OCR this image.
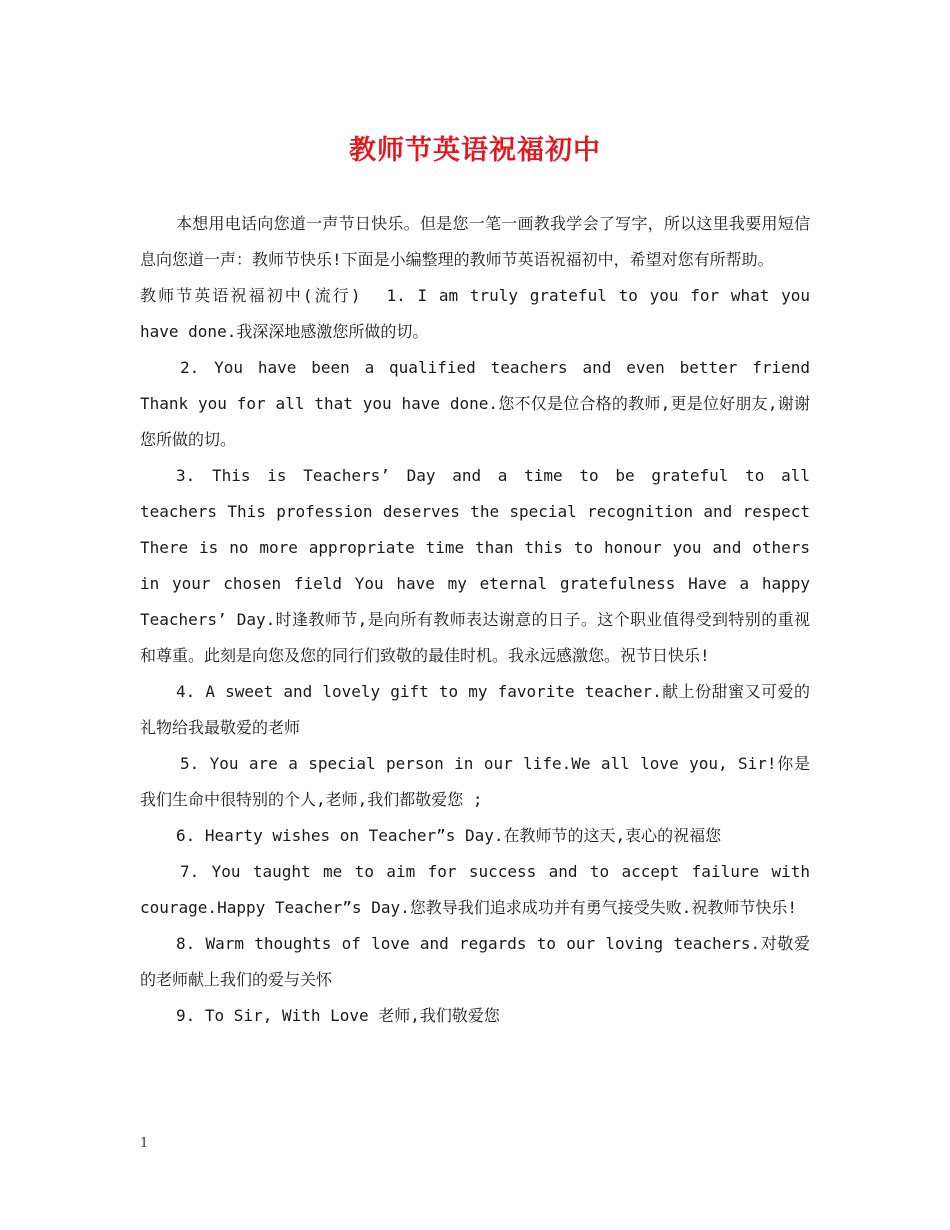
教师节英语祝福初中

本想用电话向您道一声节日快乐。但是您一笔一画教我学会了写字，所以这里我要用短信息向您道一声：教师节快乐!下面是小编整理的教师节英语祝福初中，希望对您有所帮助。

教师节英语祝福初中(流行) 1. I am truly grateful to you for what you have done.我深深地感激您所做的切。

2. You have been a qualified teachers and even better friend Thank you for all that you have done.您不仅是位合格的教师,更是位好朋友,谢谢您所做的切。

3. This is Teachers’ Day and a time to be grateful to all teachers This profession deserves the special recognition and respect There is no more appropriate time than this to honour you and others in your chosen field You have my eternal gratefulness Have a happy Teachers’ Day.时逢教师节,是向所有教师表达谢意的日子。这个职业值得受到特别的重视和尊重。此刻是向您及您的同行们致敬的最佳时机。我永远感激您。祝节日快乐!

4. A sweet and lovely gift to my favorite teacher.献上份甜蜜又可爱的礼物给我最敬爱的老师

5. You are a special person in our life.We all love you, Sir!你是我们生命中很特别的个人,老师,我们都敬爱您 ;

6. Hearty wishes on Teacher”s Day.在教师节的这天,衷心的祝福您

7. You taught me to aim for success and to accept failure with courage.Happy Teacher”s Day.您教导我们追求成功并有勇气接受失败.祝教师节快乐!

8. Warm thoughts of love and regards to our loving teachers.对敬爱的老师献上我们的爱与关怀

9. To Sir, With Love 老师,我们敬爱您

1
